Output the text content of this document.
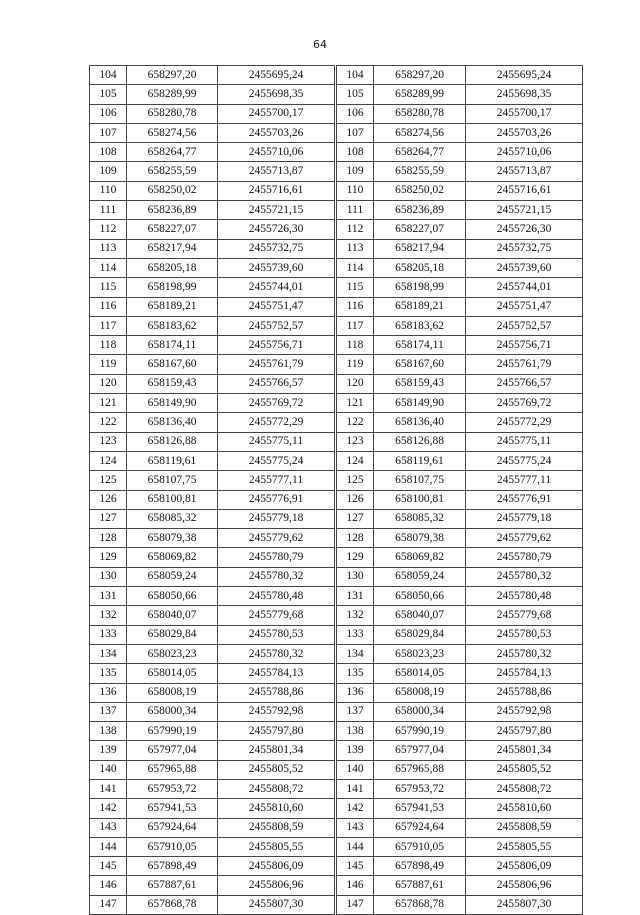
64
104	658297,20	2455695,24
105	658289,99	2455698,35
106	658280,78	2455700,17
107	658274,56	2455703,26
108	658264,77	2455710,06
109	658255,59	2455713,87
110	658250,02	2455716,61
111	658236,89	2455721,15
112	658227,07	2455726,30
113	658217,94	2455732,75
114	658205,18	2455739,60
115	658198,99	2455744,01
116	658189,21	2455751,47
117	658183,62	2455752,57
118	658174,11	2455756,71
119	658167,60	2455761,79
120	658159,43	2455766,57
121	658149,90	2455769,72
122	658136,40	2455772,29
123	658126,88	2455775,11
124	658119,61	2455775,24
125	658107,75	2455777,11
126	658100,81	2455776,91
127	658085,32	2455779,18
128	658079,38	2455779,62
129	658069,82	2455780,79
130	658059,24	2455780,32
131	658050,66	2455780,48
132	658040,07	2455779,68
133	658029,84	2455780,53
134	658023,23	2455780,32
135	658014,05	2455784,13
136	658008,19	2455788,86
137	658000,34	2455792,98
138	657990,19	2455797,80
139	657977,04	2455801,34
140	657965,88	2455805,52
141	657953,72	2455808,72
142	657941,53	2455810,60
143	657924,64	2455808,59
144	657910,05	2455805,55
145	657898,49	2455806,09
146	657887,61	2455806,96
147	657868,78	2455807,30
104	658297,20	2455695,24
105	658289,99	2455698,35
106	658280,78	2455700,17
107	658274,56	2455703,26
108	658264,77	2455710,06
109	658255,59	2455713,87
110	658250,02	2455716,61
111	658236,89	2455721,15
112	658227,07	2455726,30
113	658217,94	2455732,75
114	658205,18	2455739,60
115	658198,99	2455744,01
116	658189,21	2455751,47
117	658183,62	2455752,57
118	658174,11	2455756,71
119	658167,60	2455761,79
120	658159,43	2455766,57
121	658149,90	2455769,72
122	658136,40	2455772,29
123	658126,88	2455775,11
124	658119,61	2455775,24
125	658107,75	2455777,11
126	658100,81	2455776,91
127	658085,32	2455779,18
128	658079,38	2455779,62
129	658069,82	2455780,79
130	658059,24	2455780,32
131	658050,66	2455780,48
132	658040,07	2455779,68
133	658029,84	2455780,53
134	658023,23	2455780,32
135	658014,05	2455784,13
136	658008,19	2455788,86
137	658000,34	2455792,98
138	657990,19	2455797,80
139	657977,04	2455801,34
140	657965,88	2455805,52
141	657953,72	2455808,72
142	657941,53	2455810,60
143	657924,64	2455808,59
144	657910,05	2455805,55
145	657898,49	2455806,09
146	657887,61	2455806,96
147	657868,78	2455807,30
